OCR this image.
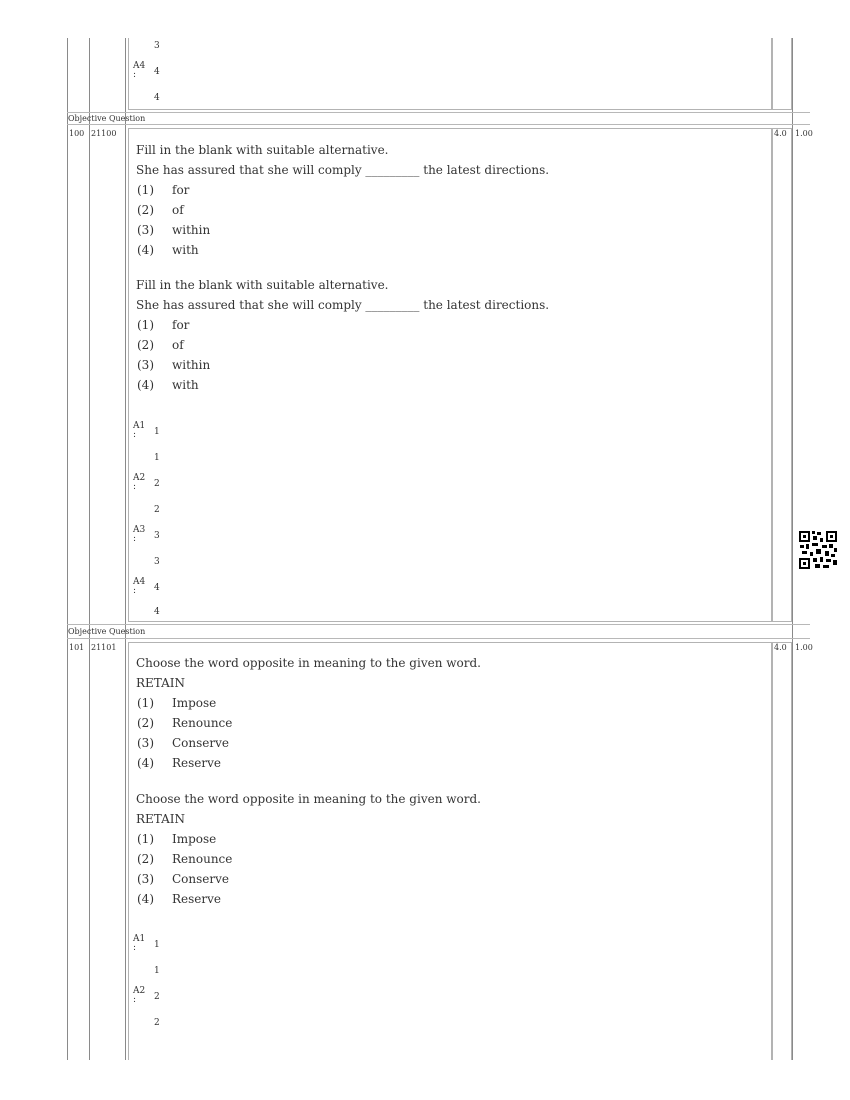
3
A4
:	4
4
Objective Question
100 21100	4.0 1.00
Fill in the blank with suitable alternative.
She has assured that she will comply _________ the latest directions.
(1) for
(2) of
(3) within
(4) with
Fill in the blank with suitable alternative.
She has assured that she will comply _________ the latest directions.
(1) for
(2) of
(3) within
(4) with
A1
:	1
1
A2
:	2
2
A3
:	3
3
A4
:	4
4
Objective Question
101 21101	4.0 1.00
Choose the word opposite in meaning to the given word.
RETAIN
(1) Impose
(2) Renounce
(3) Conserve
(4) Reserve
Choose the word opposite in meaning to the given word.
RETAIN
(1) Impose
(2) Renounce
(3) Conserve
(4) Reserve
A1
:	1
1
A2
:	2
2
